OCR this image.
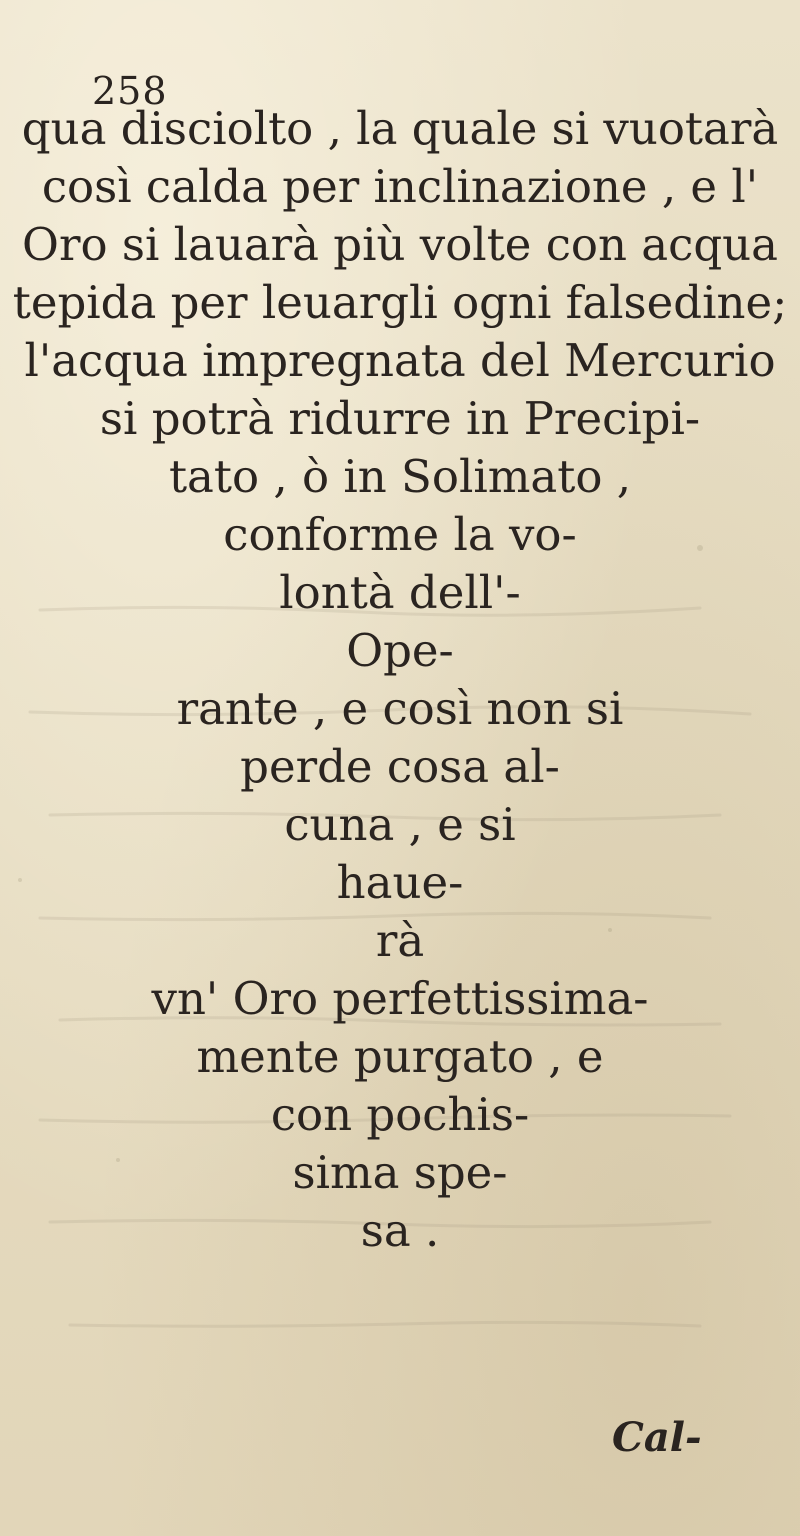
258
qua disciolto , la quale si vuotarà
così calda per inclinazione , e l'
Oro si lauarà più volte con acqua
tepida per leuargli ogni falsedine;
l'acqua impregnata del Mercurio
si potrà ridurre in Precipi-
tato , ò in Solimato ,
conforme la vo-
lontà dell'-
Ope-
rante , e così non si
perde cosa al-
cuna , e si
haue-
rà
vn' Oro perfettissima-
mente purgato , e
con pochis-
sima spe-
sa .
Cal-
